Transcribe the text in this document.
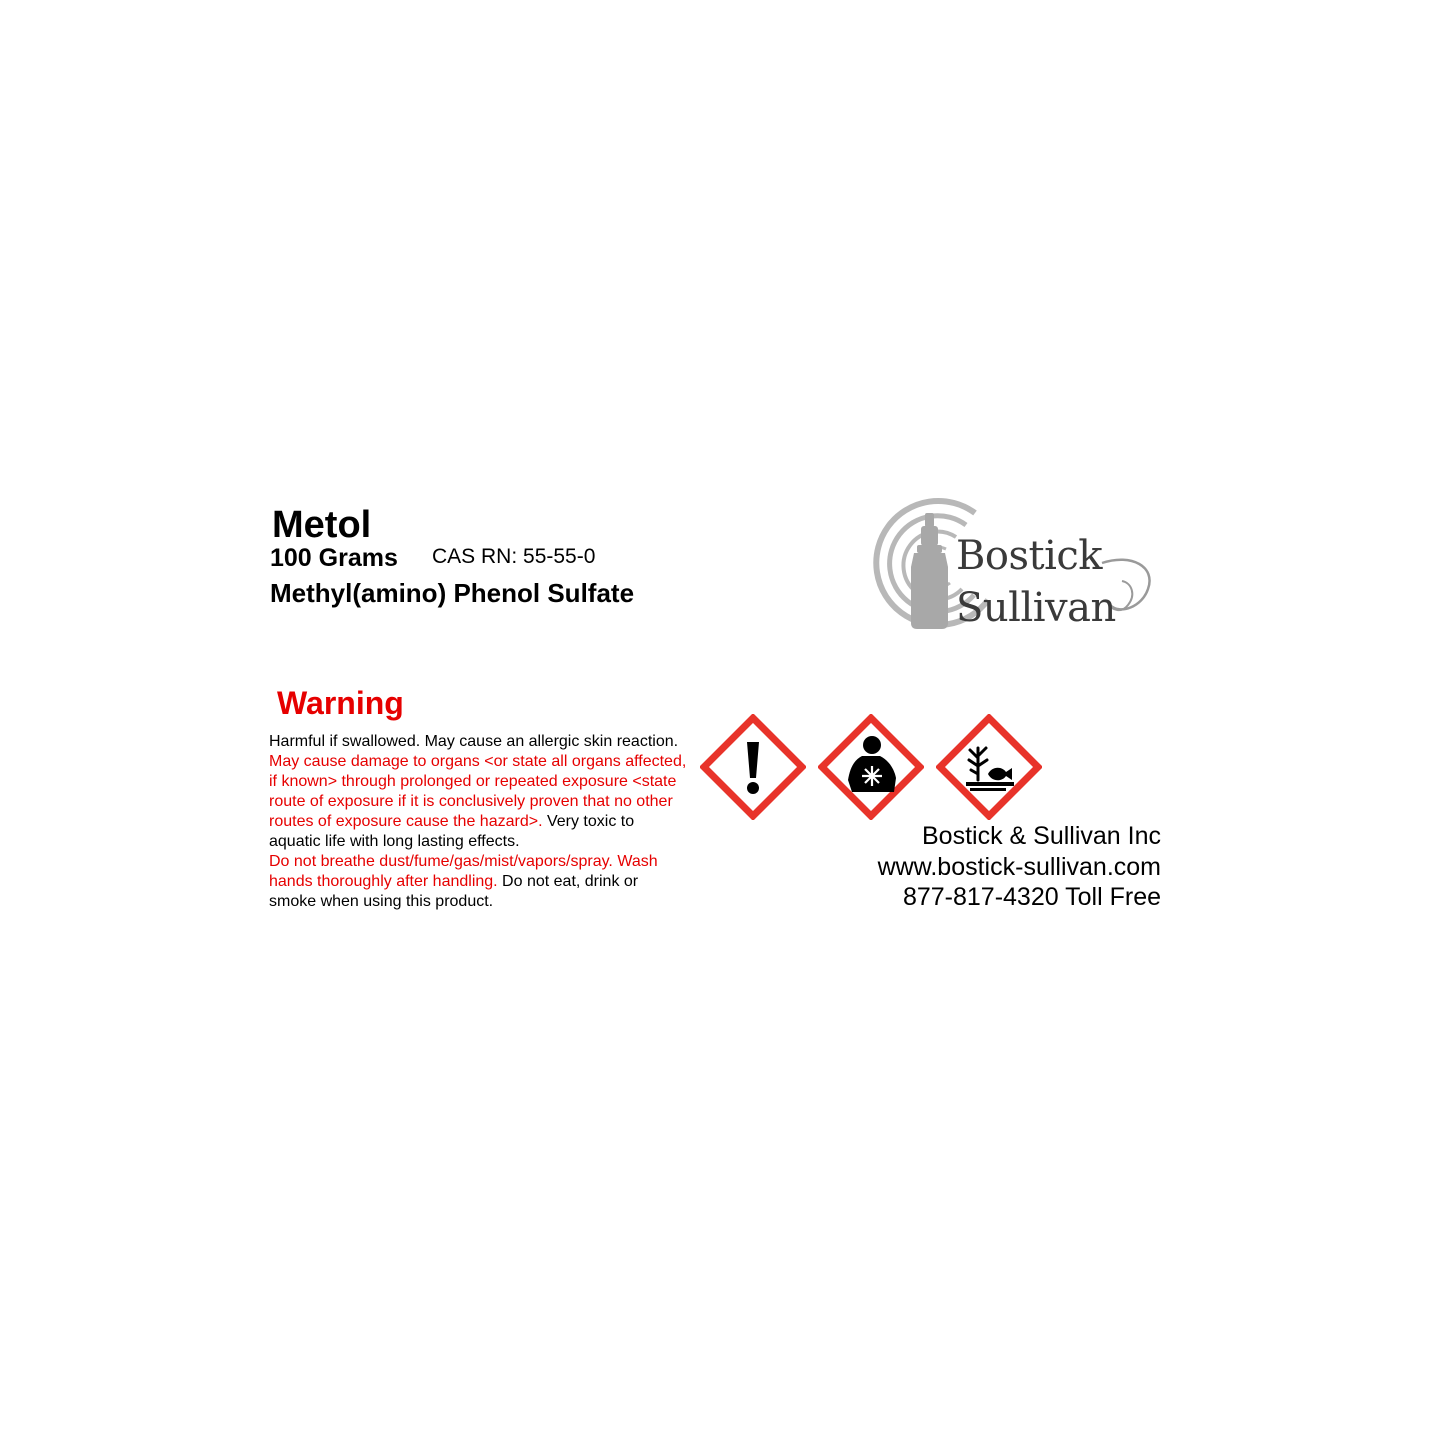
Metol
100 Grams CAS RN: 55-55-0
Methyl(amino) Phenol Sulfate
Bostick
Sullivan
Warning
Harmful if swallowed. May cause an allergic skin reaction. May cause damage to organs <or state all organs affected, if known> through prolonged or repeated exposure <state route of exposure if it is conclusively proven that no other routes of exposure cause the hazard>. Very toxic to aquatic life with long lasting effects.
Do not breathe dust/fume/gas/mist/vapors/spray. Wash hands thoroughly after handling. Do not eat, drink or smoke when using this product.
Bostick & Sullivan Inc
www.bostick-sullivan.com
877-817-4320 Toll Free
